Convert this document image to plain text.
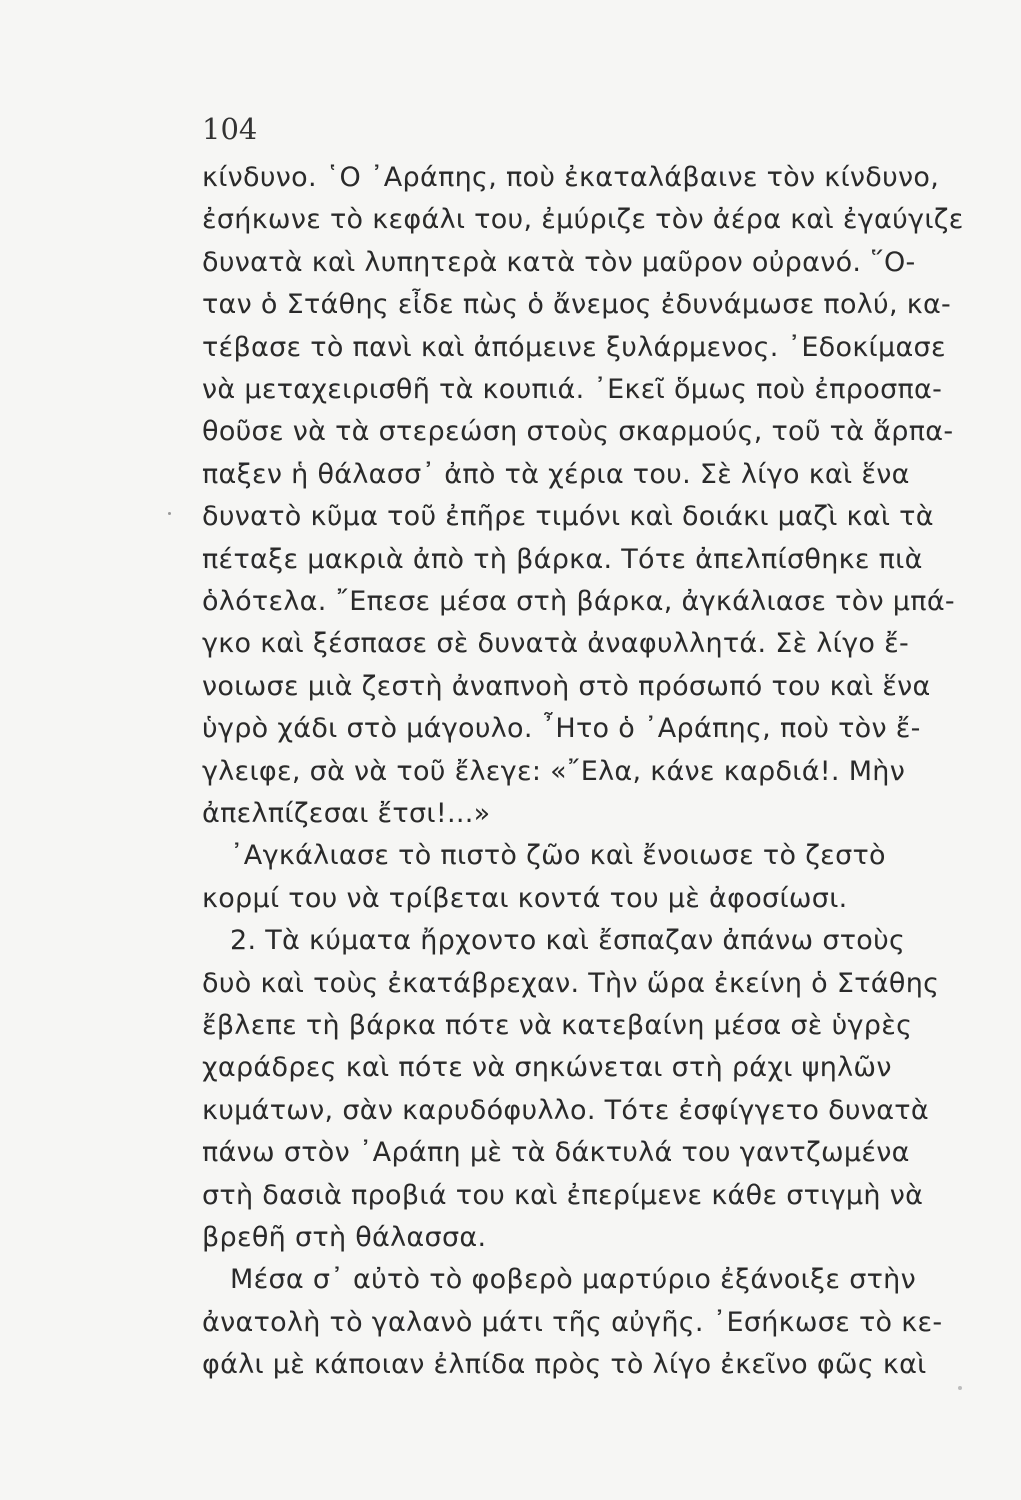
104

κίνδυνο. ῾Ο ᾿Αράπης, ποὺ ἐκαταλάβαινε τὸν κίνδυνο,
ἐσήκωνε τὸ κεφάλι του, ἐμύριζε τὸν ἀέρα καὶ ἐγαύγιζε
δυνατὰ καὶ λυπητερὰ κατὰ τὸν μαῦρον οὐρανό. ῞Ο-
ταν ὁ Στάθης εἶδε πὼς ὁ ἄνεμος ἐδυνάμωσε πολύ, κα-
τέβασε τὸ πανὶ καὶ ἀπόμεινε ξυλάρμενος. ᾿Εδοκίμασε
νὰ μεταχειρισθῆ τὰ κουπιά. ᾿Εκεῖ ὅμως ποὺ ἐπροσπα-
θοῦσε νὰ τὰ στερεώση στοὺς σκαρμούς, τοῦ τὰ ἅρπα-
παξεν ἡ θάλασσ᾿ ἀπὸ τὰ χέρια του. Σὲ λίγο καὶ ἕνα
δυνατὸ κῦμα τοῦ ἐπῆρε τιμόνι καὶ δοιάκι μαζὶ καὶ τὰ
πέταξε μακριὰ ἀπὸ τὴ βάρκα. Τότε ἀπελπίσθηκε πιὰ
ὁλότελα. ῎Επεσε μέσα στὴ βάρκα, ἀγκάλιασε τὸν μπά-
γκο καὶ ξέσπασε σὲ δυνατὰ ἀναφυλλητά. Σὲ λίγο ἔ-
νοιωσε μιὰ ζεστὴ ἀναπνοὴ στὸ πρόσωπό του καὶ ἕνα
ὑγρὸ χάδι στὸ μάγουλο. ῏Ητο ὁ ᾿Αράπης, ποὺ τὸν ἔ-
γλειφε, σὰ νὰ τοῦ ἔλεγε: «῎Ελα, κάνε καρδιά!. Μὴν
ἀπελπίζεσαι ἔτσι!...»
᾿Αγκάλιασε τὸ πιστὸ ζῶο καὶ ἔνοιωσε τὸ ζεστὸ
κορμί του νὰ τρίβεται κοντά του μὲ ἀφοσίωσι.
2. Τὰ κύματα ἤρχοντο καὶ ἔσπαζαν ἀπάνω στοὺς
δυὸ καὶ τοὺς ἐκατάβρεχαν. Τὴν ὥρα ἐκείνη ὁ Στάθης
ἔβλεπε τὴ βάρκα πότε νὰ κατεβαίνη μέσα σὲ ὑγρὲς
χαράδρες καὶ πότε νὰ σηκώνεται στὴ ράχι ψηλῶν
κυμάτων, σὰν καρυδόφυλλο. Τότε ἐσφίγγετο δυνατὰ
πάνω στὸν ᾿Αράπη μὲ τὰ δάκτυλά του γαντζωμένα
στὴ δασιὰ προβιά του καὶ ἐπερίμενε κάθε στιγμὴ νὰ
βρεθῆ στὴ θάλασσα.
Μέσα σ᾿ αὐτὸ τὸ φοβερὸ μαρτύριο ἐξάνοιξε στὴν
ἀνατολὴ τὸ γαλανὸ μάτι τῆς αὐγῆς. ᾿Εσήκωσε τὸ κε-
φάλι μὲ κάποιαν ἐλπίδα πρὸς τὸ λίγο ἐκεῖνο φῶς καὶ
